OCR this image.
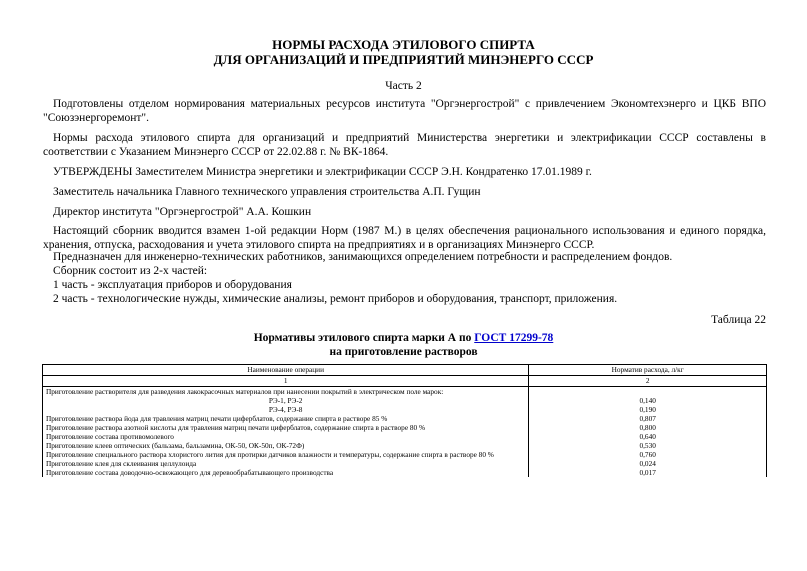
НОРМЫ РАСХОДА ЭТИЛОВОГО СПИРТА
ДЛЯ ОРГАНИЗАЦИЙ И ПРЕДПРИЯТИЙ МИНЭНЕРГО СССР
Часть 2
Подготовлены отделом нормирования материальных ресурсов института "Оргэнергострой" с привлечением Экономтехэнерго и ЦКБ ВПО "Союзэнергоремонт".
Нормы расхода этилового спирта для организаций и предприятий Министерства энергетики и электрификации СССР составлены в соответствии с Указанием Минэнерго СССР от 22.02.88 г. № ВК-1864.
УТВЕРЖДЕНЫ Заместителем Министра энергетики и электрификации СССР Э.Н. Кондратенко 17.01.1989 г.
Заместитель начальника Главного технического управления строительства А.П. Гущин
Директор института "Оргэнергострой" А.А. Кошкин
Настоящий сборник вводится взамен 1-ой редакции Норм (1987 М.) в целях обеспечения рационального использования и единого порядка, хранения, отпуска, расходования и учета этилового спирта на предприятиях и в организациях Минэнерго СССР.
Предназначен для инженерно-технических работников, занимающихся определением потребности и распределением фондов.
Сборник состоит из 2-х частей:
1 часть - эксплуатация приборов и оборудования
2 часть - технологические нужды, химические анализы, ремонт приборов и оборудования, транспорт, приложения.
Таблица 22
Нормативы этилового спирта марки А по ГОСТ 17299-78
на приготовление растворов
Наименование операции	Норматив расхода, л/кг
1	2
Приготовление растворителя для разведения лакокрасочных материалов при нанесении покрытий в электрическом поле марок:	
РЭ-1, РЭ-2	0,140
РЭ-4, РЭ-8	0,190
Приготовление раствора йода для травления матриц печати циферблатов, содержание спирта в растворе 85 %	0,807
Приготовление раствора азотной кислоты для травления матриц печати циферблатов, содержание спирта в растворе 80 %	0,800
Приготовление состава противомолевого	0,640
Приготовление клеев оптических (бальзама, бальзамина, ОК-50, ОК-50п, ОК-72Ф)	0,530
Приготовление специального раствора хлористого лития для протирки датчиков влажности и температуры, содержание спирта в растворе 80 %	0,760
Приготовление клея для склеивания целлулоида	0,024
Приготовление состава доводочно-освежающего для деревообрабатывающего производства	0,017
